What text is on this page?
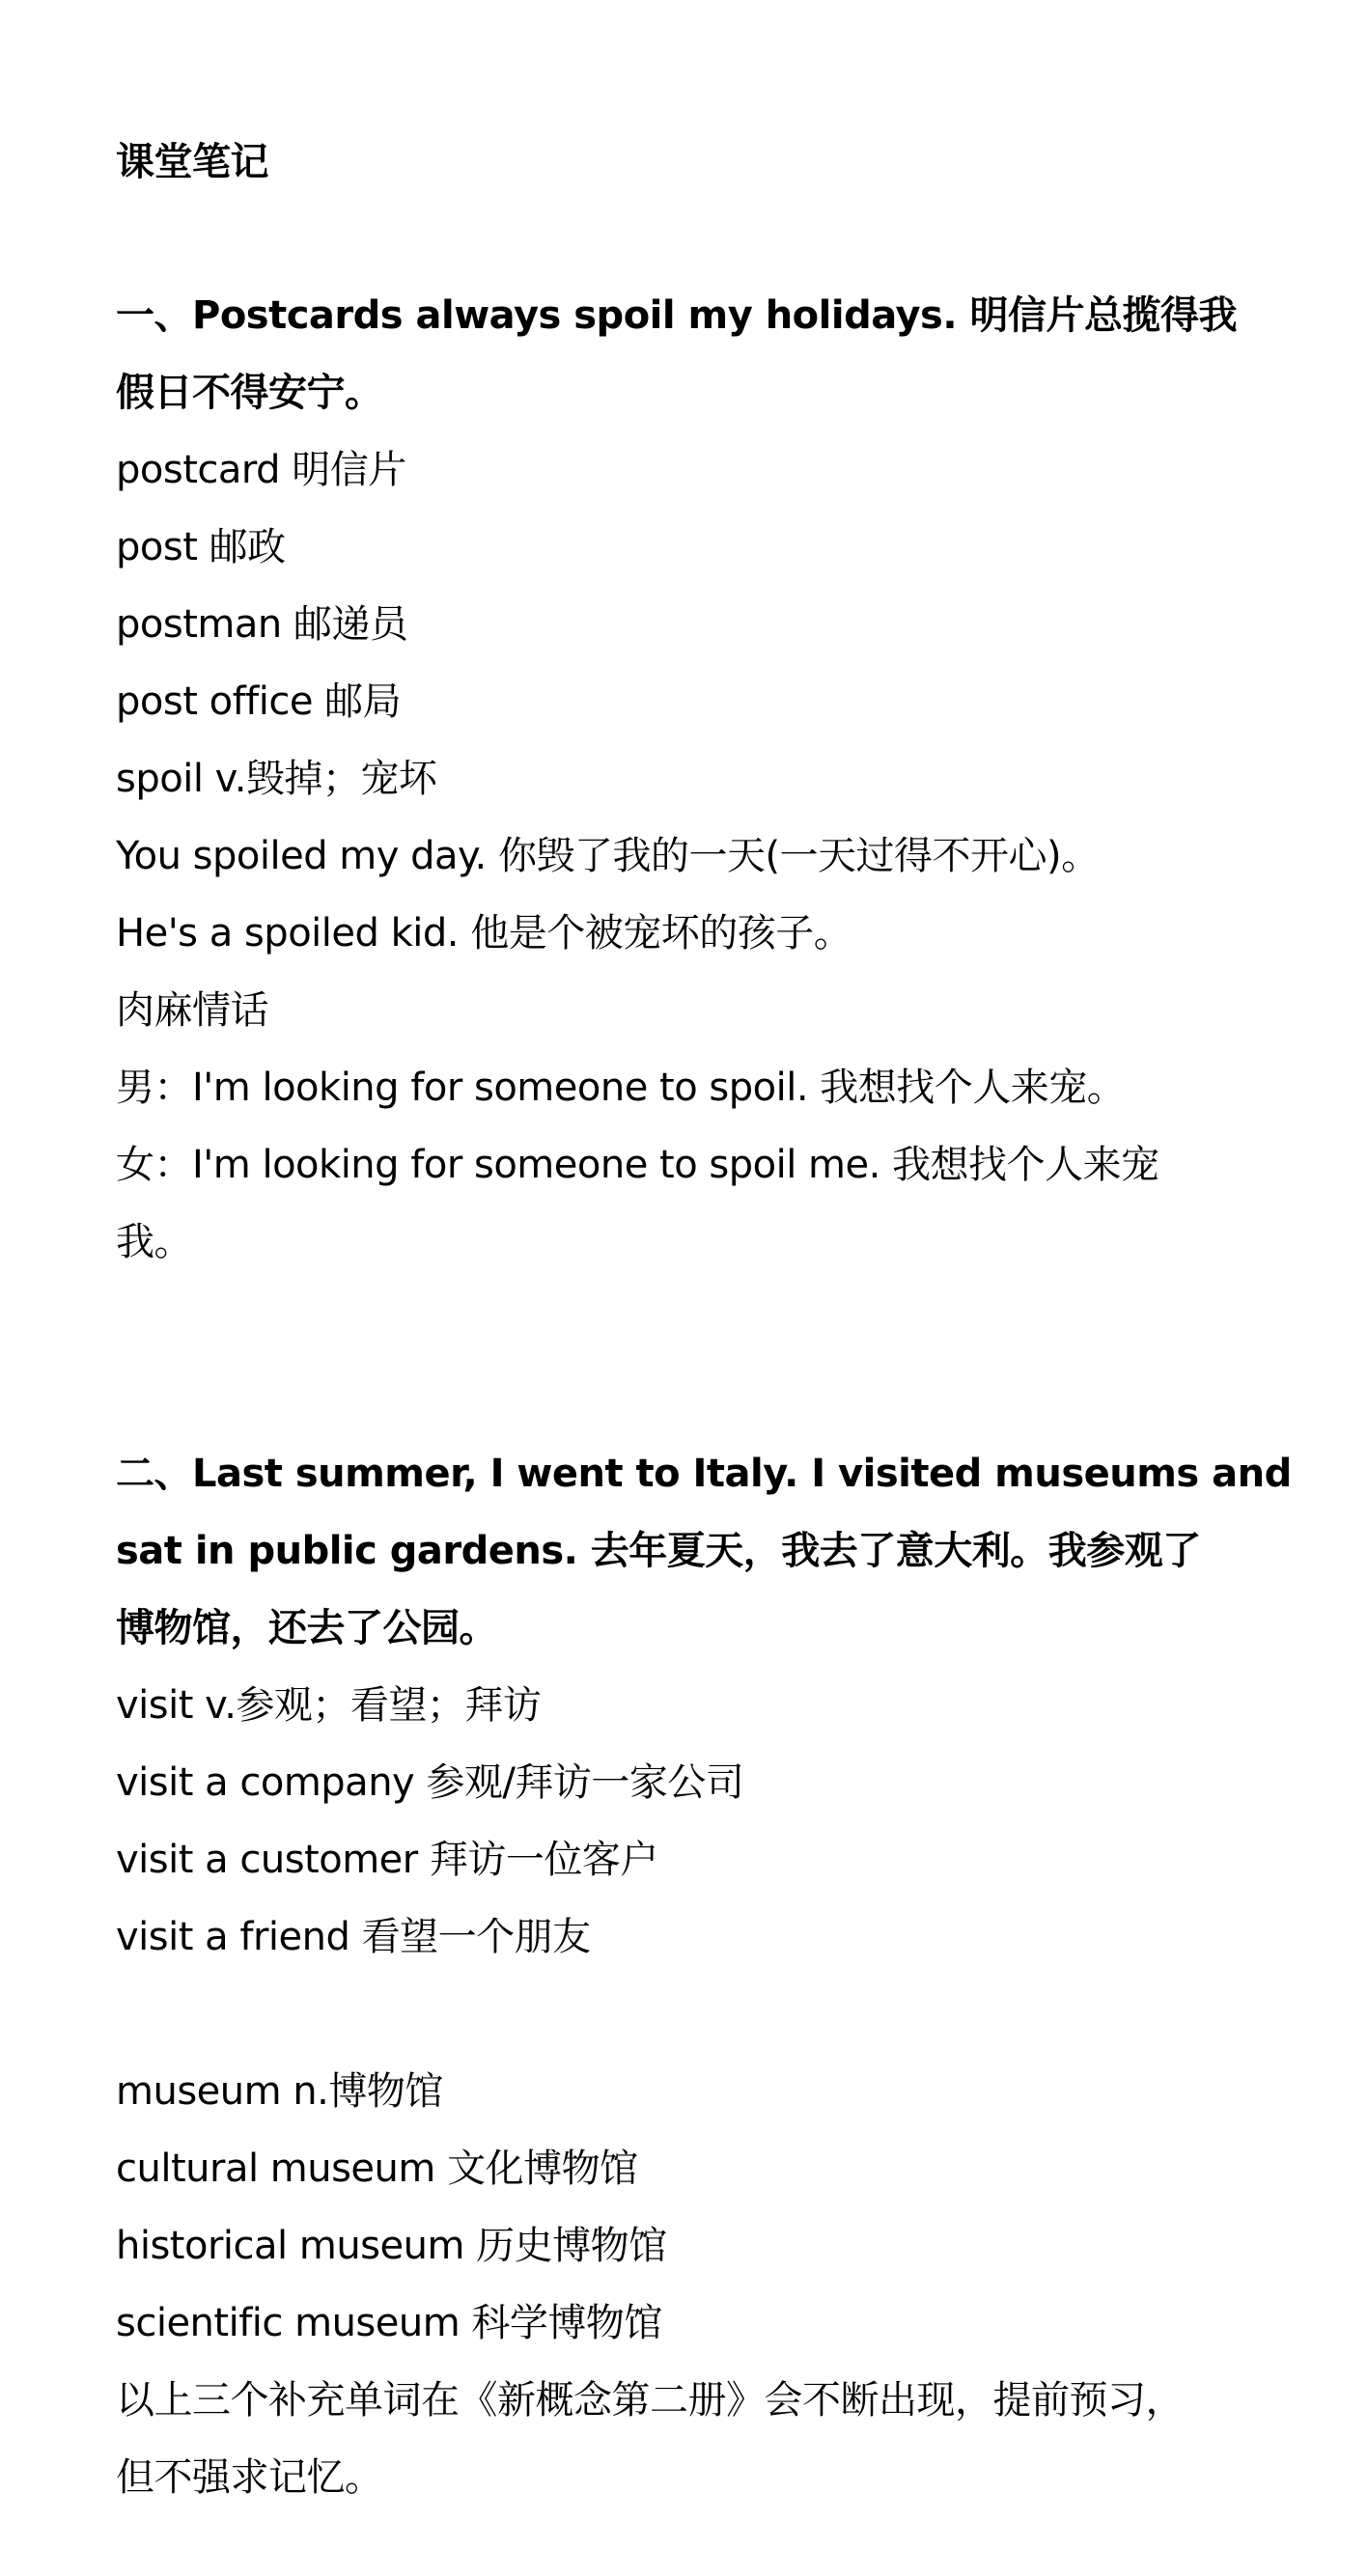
课堂笔记
一、Postcards always spoil my holidays. 明信片总揽得我
假日不得安宁。
postcard 明信片
post 邮政
postman 邮递员
post office 邮局
spoil v.毁掉；宠坏
You spoiled my day. 你毁了我的一天(一天过得不开心)。
He's a spoiled kid. 他是个被宠坏的孩子。
肉麻情话
男：I'm looking for someone to spoil. 我想找个人来宠。
女：I'm looking for someone to spoil me. 我想找个人来宠
我。
二、Last summer, I went to Italy. I visited museums and
sat in public gardens. 去年夏天，我去了意大利。我参观了
博物馆，还去了公园。
visit v.参观；看望；拜访
visit a company 参观/拜访一家公司
visit a customer 拜访一位客户
visit a friend 看望一个朋友
museum n.博物馆
cultural museum 文化博物馆
historical museum 历史博物馆
scientific museum 科学博物馆
以上三个补充单词在《新概念第二册》会不断出现，提前预习，
但不强求记忆。
